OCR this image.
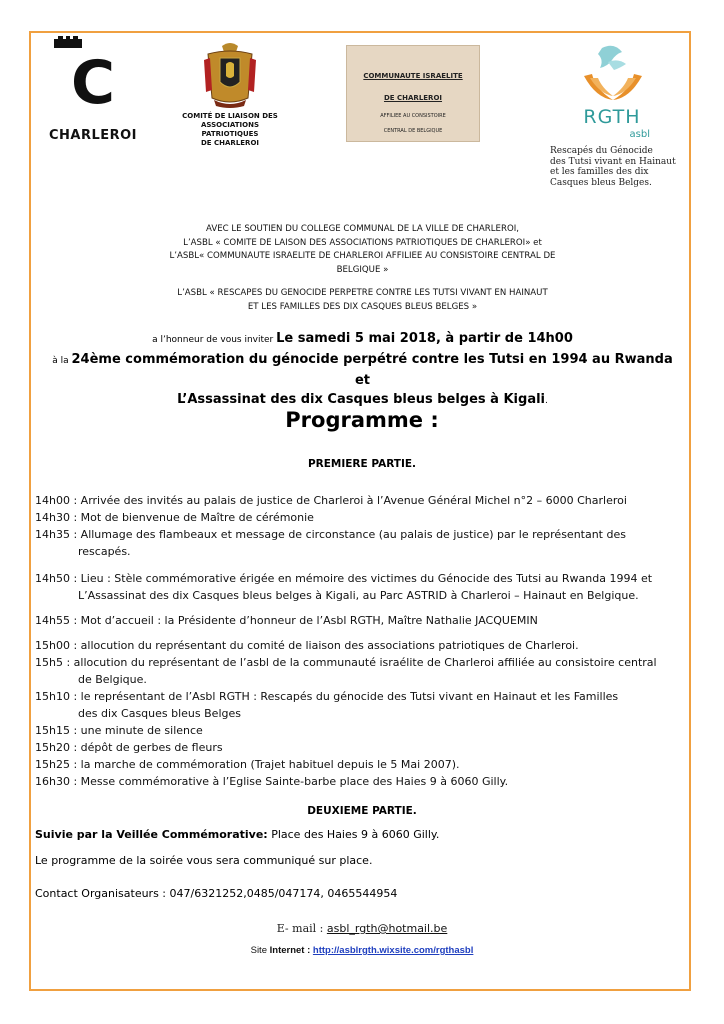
C
CHARLEROI
COMITÉ DE LIAISON DES
ASSOCIATIONS PATRIOTIQUES
DE CHARLEROI
COMMUNAUTE ISRAELITE
DE CHARLEROI
AFFILIEE AU CONSISTOIRE
CENTRAL DE BELGIQUE
RGTH
asbl
Rescapés du Génocide
des Tutsi vivant en Hainaut
et les familles des dix
Casques bleus Belges.
AVEC LE SOUTIEN DU COLLEGE COMMUNAL DE LA VILLE DE CHARLEROI,
L’ASBL « COMITE DE LAISON DES ASSOCIATIONS PATRIOTIQUES DE CHARLEROI» et
L’ASBL« COMMUNAUTE ISRAELITE DE CHARLEROI AFFILIEE AU CONSISTOIRE CENTRAL DE
BELGIQUE »
L’ASBL « RESCAPES DU GENOCIDE PERPETRE CONTRE LES TUTSI VIVANT EN HAINAUT
ET LES FAMILLES DES DIX CASQUES BLEUS BELGES »
a l’honneur de vous inviter Le samedi 5 mai 2018, à partir de 14h00
à la 24ème commémoration du génocide perpétré contre les Tutsi en 1994 au Rwanda et
L’Assassinat des dix Casques bleus belges à Kigali.
Programme :
PREMIERE PARTIE.
14h00 : Arrivée des invités au palais de justice de Charleroi à l’Avenue Général Michel n°2 – 6000 Charleroi
14h30 : Mot de bienvenue de Maître de cérémonie
14h35 : Allumage des flambeaux et message de circonstance (au palais de justice) par le représentant des
rescapés.
14h50 : Lieu : Stèle commémorative érigée en mémoire des victimes du Génocide des Tutsi au Rwanda 1994 et
L’Assassinat des dix Casques bleus belges à Kigali, au Parc ASTRID à Charleroi – Hainaut en Belgique.
14h55 : Mot d’accueil : la Présidente d’honneur de l’Asbl RGTH, Maître Nathalie JACQUEMIN
15h00 : allocution du représentant du comité de liaison des associations patriotiques de Charleroi.
15h5 : allocution du représentant de l’asbl de la communauté israélite de Charleroi affiliée au consistoire central
de Belgique.
15h10 : le représentant de l’Asbl RGTH : Rescapés du génocide des Tutsi vivant en Hainaut et les Familles
des dix Casques bleus Belges
15h15 : une minute de silence
15h20 : dépôt de gerbes de fleurs
15h25 : la marche de commémoration (Trajet habituel depuis le 5 Mai 2007).
16h30 : Messe commémorative à l’Eglise Sainte-barbe place des Haies 9 à 6060 Gilly.
DEUXIEME PARTIE.
Suivie par la Veillée Commémorative: Place des Haies 9 à 6060 Gilly.
Le programme de la soirée vous sera communiqué sur place.
Contact Organisateurs : 047/6321252,0485/047174, 0465544954
E- mail : asbl_rgth@hotmail.be
Site Internet : http://asblrgth.wixsite.com/rgthasbl
